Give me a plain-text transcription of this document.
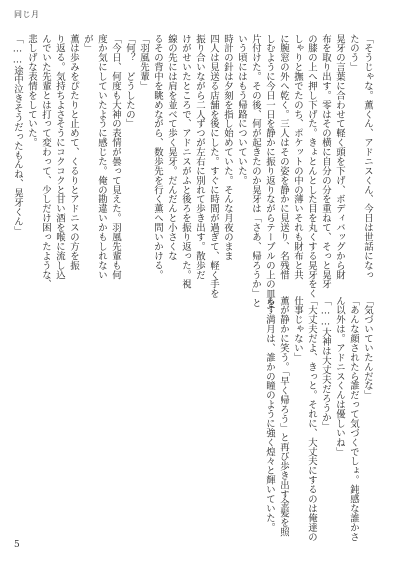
同じ月
「そうじゃな。薫くん、アドニスくん、今日は世話になっ
たのう」
晃牙の言葉に合わせて軽く頭を下げ、ボディバッグから財
布を取り出す。零はその横に自分の分を重ねて、そっと晃牙
の膝の上へ押し下げた。きょとんとした目を丸くする晃牙をく
しゃりと撫でたのち、ポケットの中の薄いそれも財布と共
に腕窓の外へ乾く。三人はその姿を静かに見送り、名残惜
しむように今日一日を静かに振り返りながらテーブルの上の皿を
片付けた。その後、何が起きたのか晃牙は「さあ、帰ろうか」と
いう頃にはもう帰路についていた。
時計の針は夕刻を指し始めていた。そんな月夜のまま
四人は見送る店舗を後にした。すぐに時間が過ぎて、軽く手を
振り合いながら二人ずつが左右に別れて歩き出す。散歩だ
けがせいたところで、アドニスがふと後ろを振り返った。視
線の先には肩を並べて歩く晃牙。だんだんと小さくな
るその背中を眺めながら、数歩先を行く薫へ問いかける。
「羽風先輩」
「何？　どうしたの」
「今日、何度も大神の表情が曇って見えた。羽風先輩も何
度か気にしていたように感じた。俺の勘違いかもしれない
が」
薫は歩みをぴたりと止めて、くるりとアドニスの方を振
り返る。気持ちよさそうにコクコクと甘い酒を喉に流し込
んでいた先輩とは打って変わって、少しだけ困ったような、
悲しげな表情をしていた。
「……途中泣きそうだったもんね、晃牙くん」
「気づいていたんだな」
「あんな顔されたら誰だって気づくでしょ。鈍感な誰かさ
ん以外は。アドニスくんは優しいね」
「……大神は大丈夫だろうか」
「大丈夫だよ、きっと。それに、大丈夫にするのは俺達の
仕事じゃない」
薫が静かに笑う。「早く帰ろう」と再び歩き出す金髪を照
らす満月は、誰かの瞳のように強く煌々と輝いていた。
5
